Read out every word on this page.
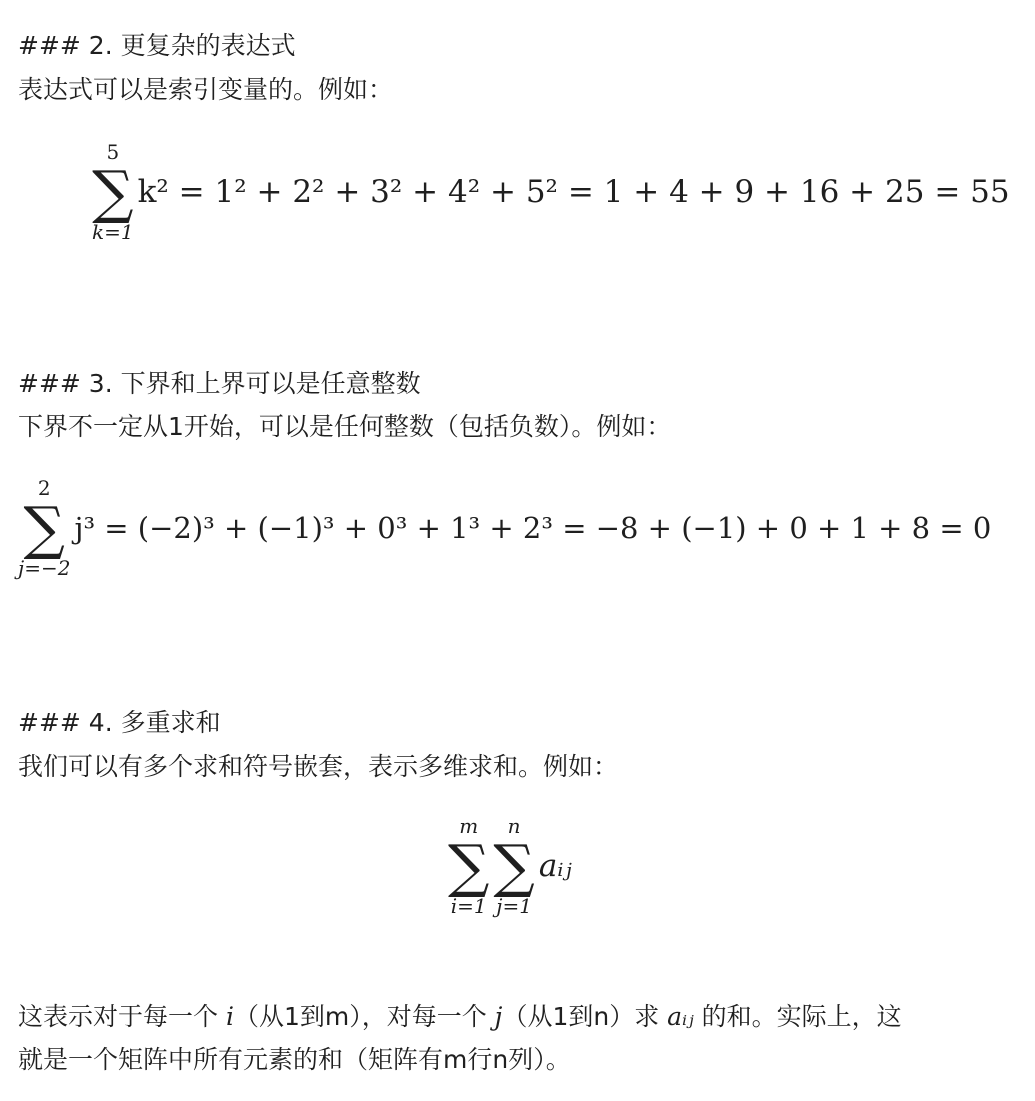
### 2. 更复杂的表达式

表达式可以是索引变量的。例如：

5
∑
k=1
k² = 1² + 2² + 3² + 4² + 5² = 1 + 4 + 9 + 16 + 25 = 55
### 3. 下界和上界可以是任意整数

下界不一定从1开始，可以是任何整数（包括负数）。例如：

2
∑
j=−2
j³ = (−2)³ + (−1)³ + 0³ + 1³ + 2³ = −8 + (−1) + 0 + 1 + 8 = 0
### 4. 多重求和

我们可以有多个求和符号嵌套，表示多维求和。例如：

m
∑
i=1
n
∑
j=1
aᵢⱼ

这表示对于每一个 i（从1到m），对每一个 j（从1到n）求 aᵢⱼ 的和。实际上，这

就是一个矩阵中所有元素的和（矩阵有m行n列）。
